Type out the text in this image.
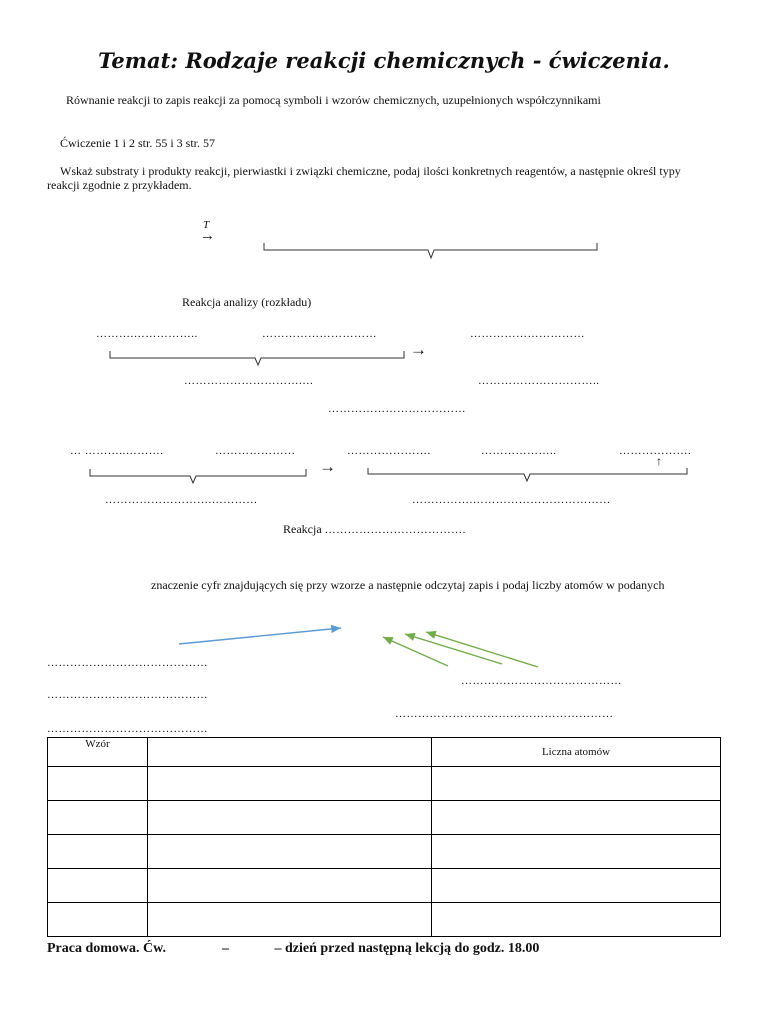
Temat: Rodzaje reakcji chemicznych - ćwiczenia.
Równanie reakcji to zapis reakcji za pomocą symboli i wzorów chemicznych, uzupełnionych współczynnikami
Ćwiczenie 1 i 2 str. 55 i 3 str. 57
Wskaż substraty i produkty reakcji, pierwiastki i związki chemiczne, podaj ilości konkretnych reagentów, a następnie określ typy
reakcji zgodnie z przykładem.
T
→
Reakcja analizy (rozkładu)
……….……………..	…………………………	…………………………
→
………………………….…	…………………………..
………………………………
… ………..……….	…………………	………………….	………………..	……………….
↑
→
……………………….…………	…………….………………………………
Reakcja ……………………………….
znaczenie cyfr znajdujących się przy wzorze a następnie odczytaj zapis i podaj liczby atomów w podanych
……………………………………
……………………………………
……………………………………
…………………………………………………
……………………………………
Wzór		Liczna atomów

Praca domowa. Ćw.                –             – dzień przed następną lekcją do godz. 18.00
